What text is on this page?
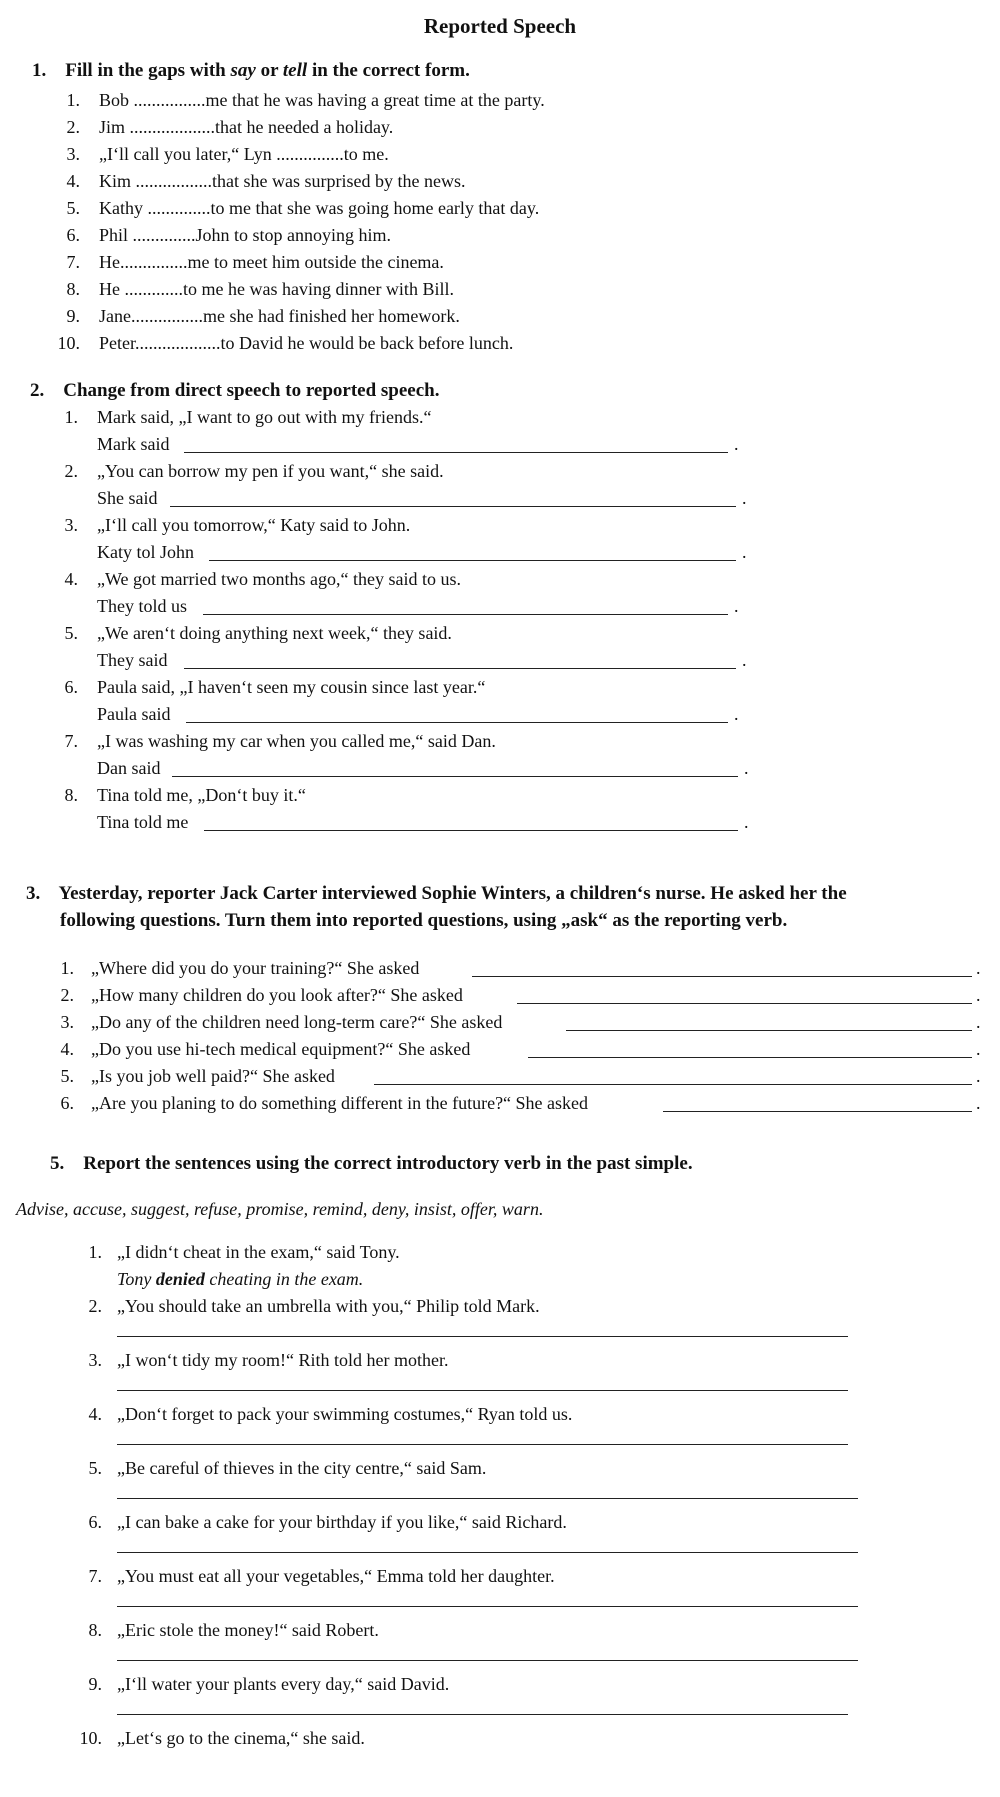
Reported Speech
1. Fill in the gaps with say or tell in the correct form.
1. Bob ................me that he was having a great time at the party.
2. Jim ...................that he needed a holiday.
3. „I‘ll call you later,“ Lyn ...............to me.
4. Kim .................that she was surprised by the news.
5. Kathy ..............to me that she was going home early that day.
6. Phil ..............John to stop annoying him.
7. He...............me to meet him outside the cinema.
8. He .............to me he was having dinner with Bill.
9. Jane................me she had finished her homework.
10. Peter...................to David he would be back before lunch.
2. Change from direct speech to reported speech.
1. Mark said, „I want to go out with my friends.“
Mark said	.
2. „You can borrow my pen if you want,“ she said.
She said	.
3. „I‘ll call you tomorrow,“ Katy said to John.
Katy tol John	.
4. „We got married two months ago,“ they said to us.
They told us	.
5. „We aren‘t doing anything next week,“ they said.
They said	.
6. Paula said, „I haven‘t seen my cousin since last year.“
Paula said	.
7. „I was washing my car when you called me,“ said Dan.
Dan said	.
8. Tina told me, „Don‘t buy it.“
Tina told me	.
3. Yesterday, reporter Jack Carter interviewed Sophie Winters, a children‘s nurse. He asked her the
following questions. Turn them into reported questions, using „ask“ as the reporting verb.
1. „Where did you do your training?“ She asked	.
2. „How many children do you look after?“ She asked	.
3. „Do any of the children need long-term care?“ She asked	.
4. „Do you use hi-tech medical equipment?“ She asked	.
5. „Is you job well paid?“ She asked	.
6. „Are you planing to do something different in the future?“ She asked	.
5. Report the sentences using the correct introductory verb in the past simple.
Advise, accuse, suggest, refuse, promise, remind, deny, insist, offer, warn.
1. „I didn‘t cheat in the exam,“ said Tony.
Tony denied cheating in the exam.
2. „You should take an umbrella with you,“ Philip told Mark.
3. „I won‘t tidy my room!“ Rith told her mother.
4. „Don‘t forget to pack your swimming costumes,“ Ryan told us.
5. „Be careful of thieves in the city centre,“ said Sam.
6. „I can bake a cake for your birthday if you like,“ said Richard.
7. „You must eat all your vegetables,“ Emma told her daughter.
8. „Eric stole the money!“ said Robert.
9. „I‘ll water your plants every day,“ said David.
10. „Let‘s go to the cinema,“ she said.
